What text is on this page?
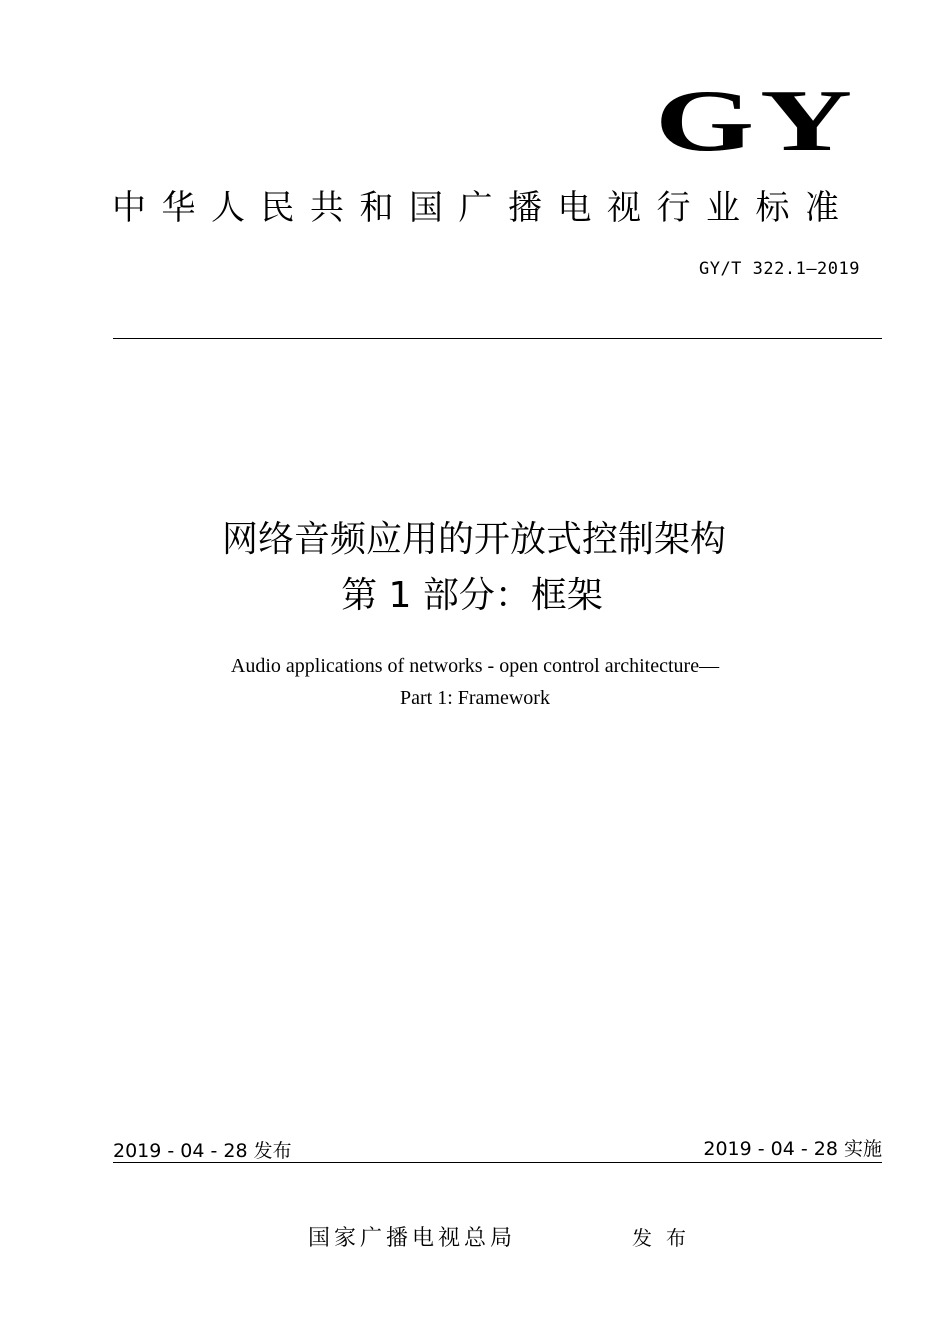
GY
中华人民共和国广播电视行业标准
GY/T 322.1—2019
网络音频应用的开放式控制架构
第 1 部分：框架
Audio applications of networks - open control architecture—
Part 1: Framework
2019 - 04 - 28 发布	2019 - 04 - 28 实施
国家广播电视总局	发布
